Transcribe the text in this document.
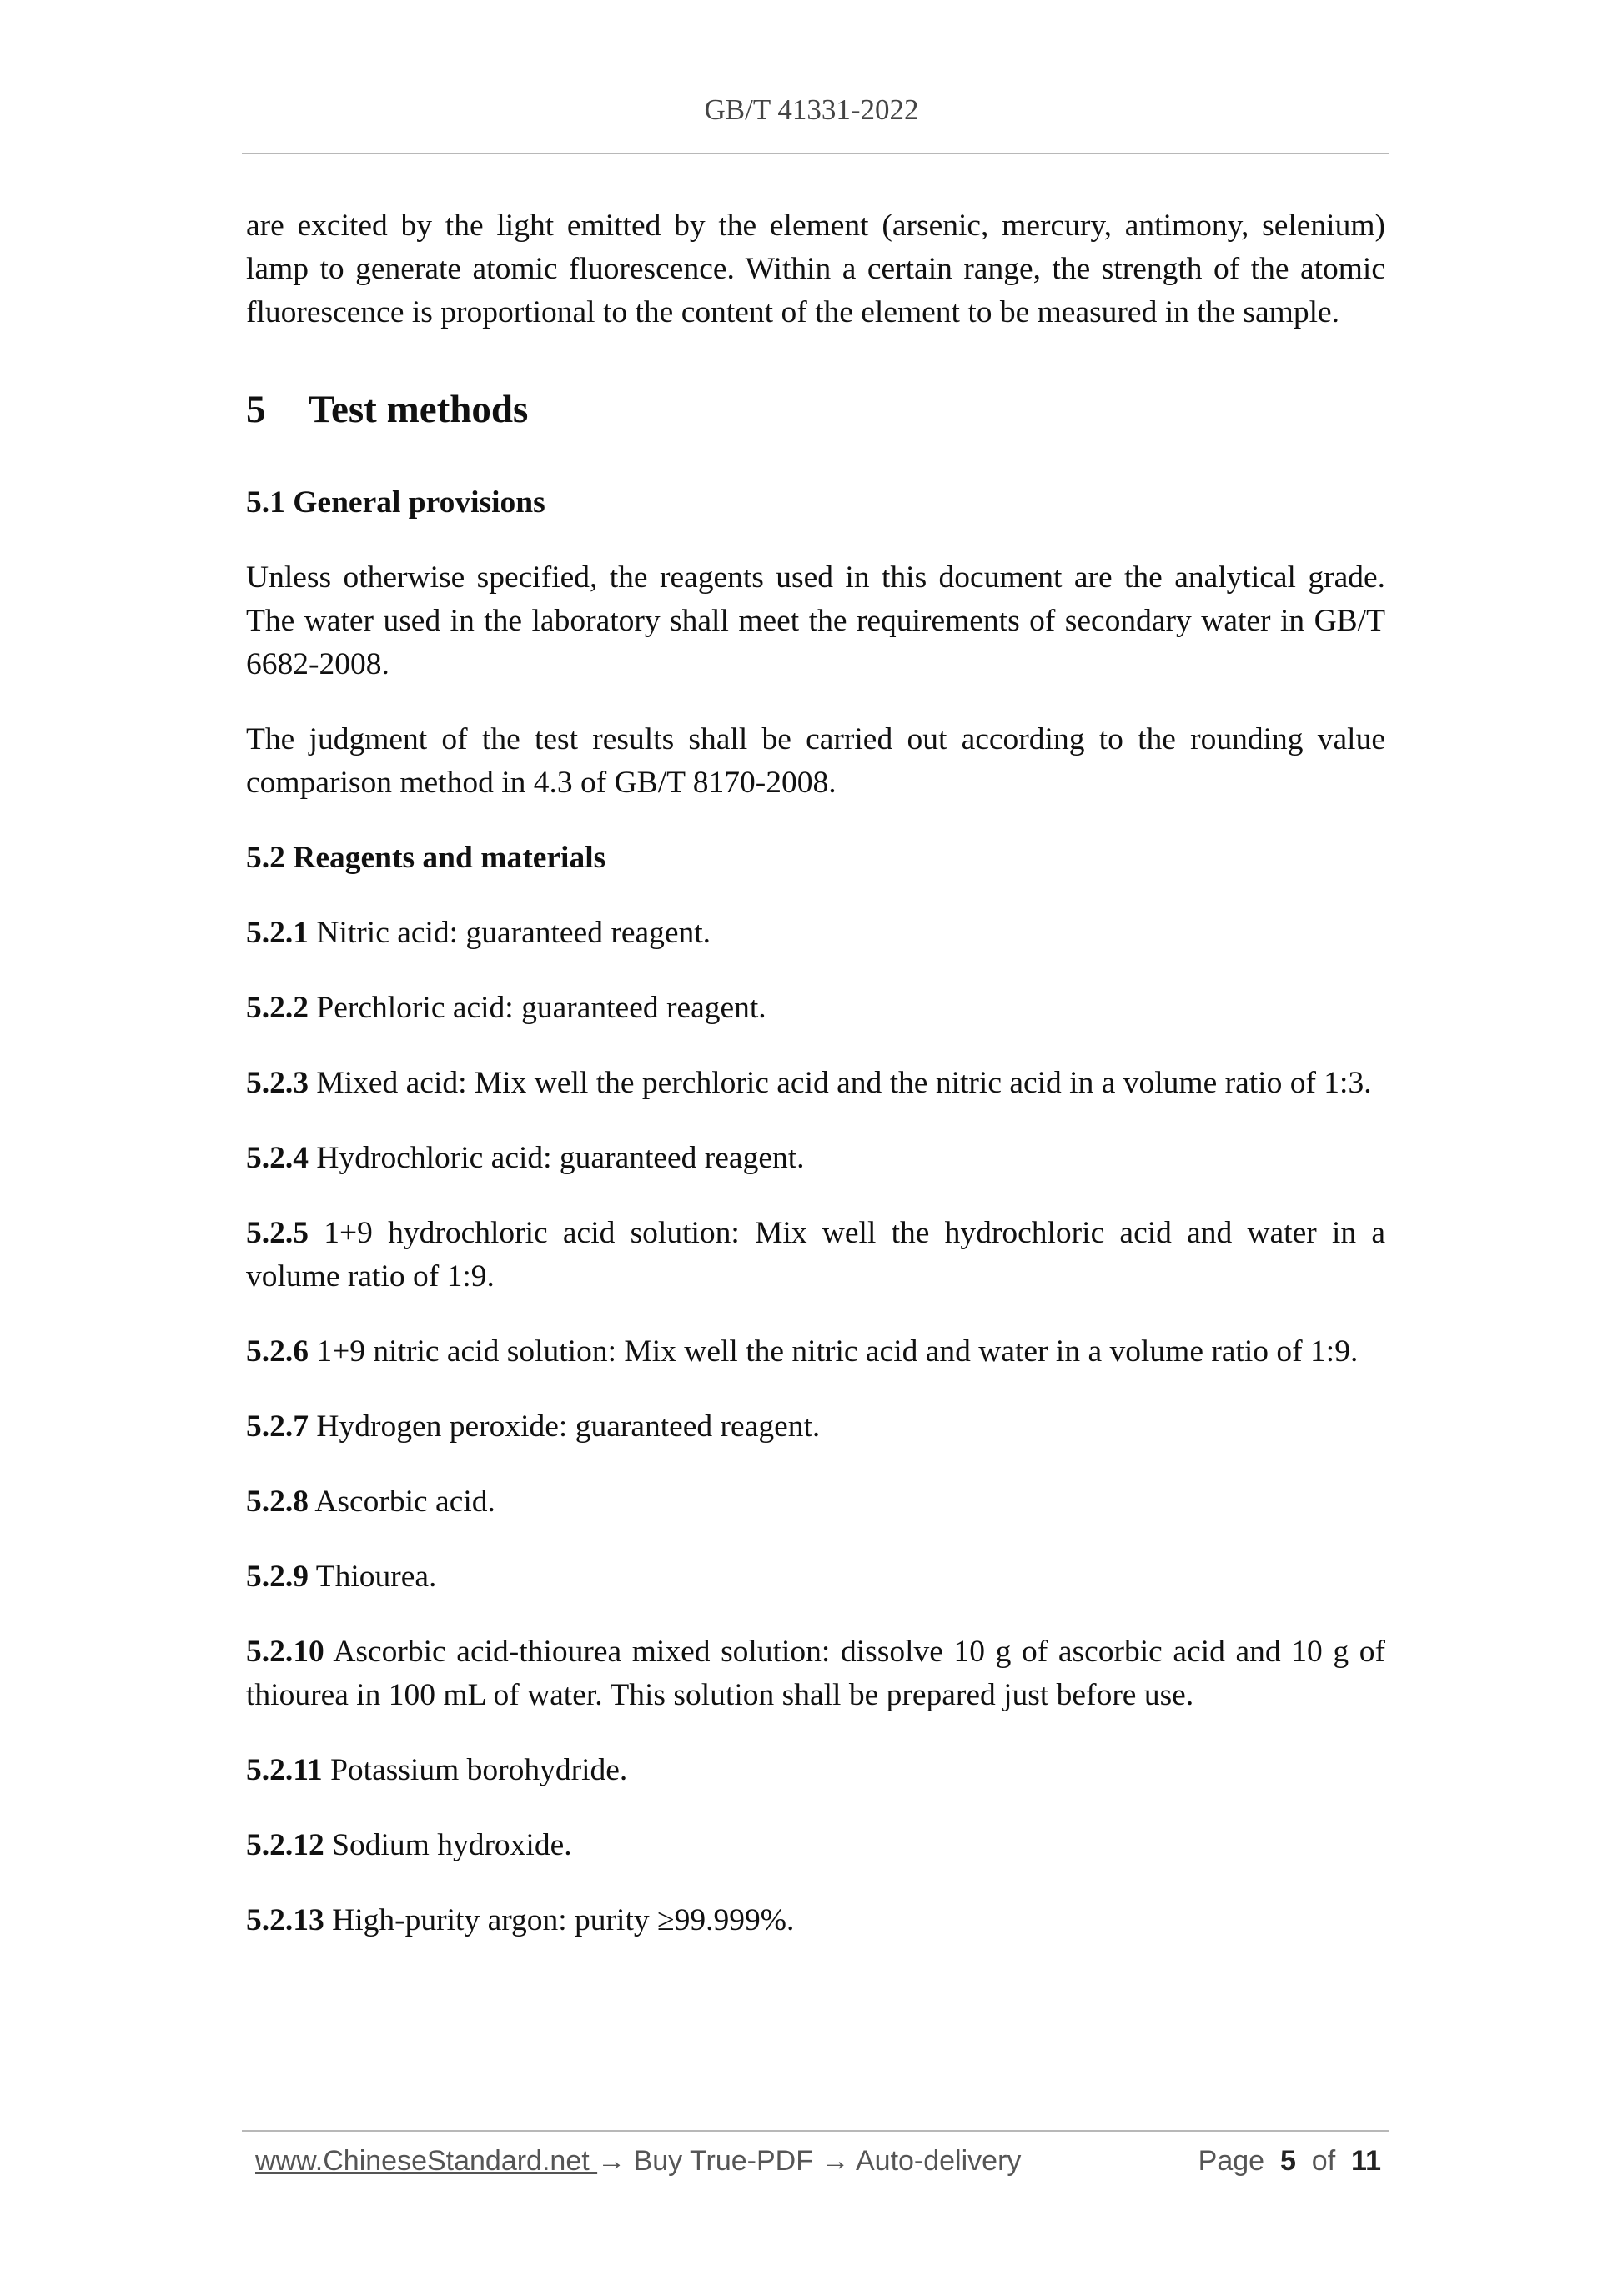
GB/T 41331-2022

are excited by the light emitted by the element (arsenic, mercury, antimony, selenium) lamp to generate atomic fluorescence. Within a certain range, the strength of the atomic fluorescence is proportional to the content of the element to be measured in the sample.

5 Test methods
5.1 General provisions

Unless otherwise specified, the reagents used in this document are the analytical grade. The water used in the laboratory shall meet the requirements of secondary water in GB/T 6682-2008.

The judgment of the test results shall be carried out according to the rounding value comparison method in 4.3 of GB/T 8170-2008.

5.2 Reagents and materials

5.2.1 Nitric acid: guaranteed reagent.

5.2.2 Perchloric acid: guaranteed reagent.

5.2.3 Mixed acid: Mix well the perchloric acid and the nitric acid in a volume ratio of 1:3.

5.2.4 Hydrochloric acid: guaranteed reagent.

5.2.5 1+9 hydrochloric acid solution: Mix well the hydrochloric acid and water in a volume ratio of 1:9.

5.2.6 1+9 nitric acid solution: Mix well the nitric acid and water in a volume ratio of 1:9.

5.2.7 Hydrogen peroxide: guaranteed reagent.

5.2.8 Ascorbic acid.

5.2.9 Thiourea.

5.2.10 Ascorbic acid-thiourea mixed solution: dissolve 10 g of ascorbic acid and 10 g of thiourea in 100 mL of water. This solution shall be prepared just before use.

5.2.11 Potassium borohydride.

5.2.12 Sodium hydroxide.

5.2.13 High-purity argon: purity ≥99.999%.

www.ChineseStandard.net → Buy True-PDF → Auto-delivery	Page 5 of 11
